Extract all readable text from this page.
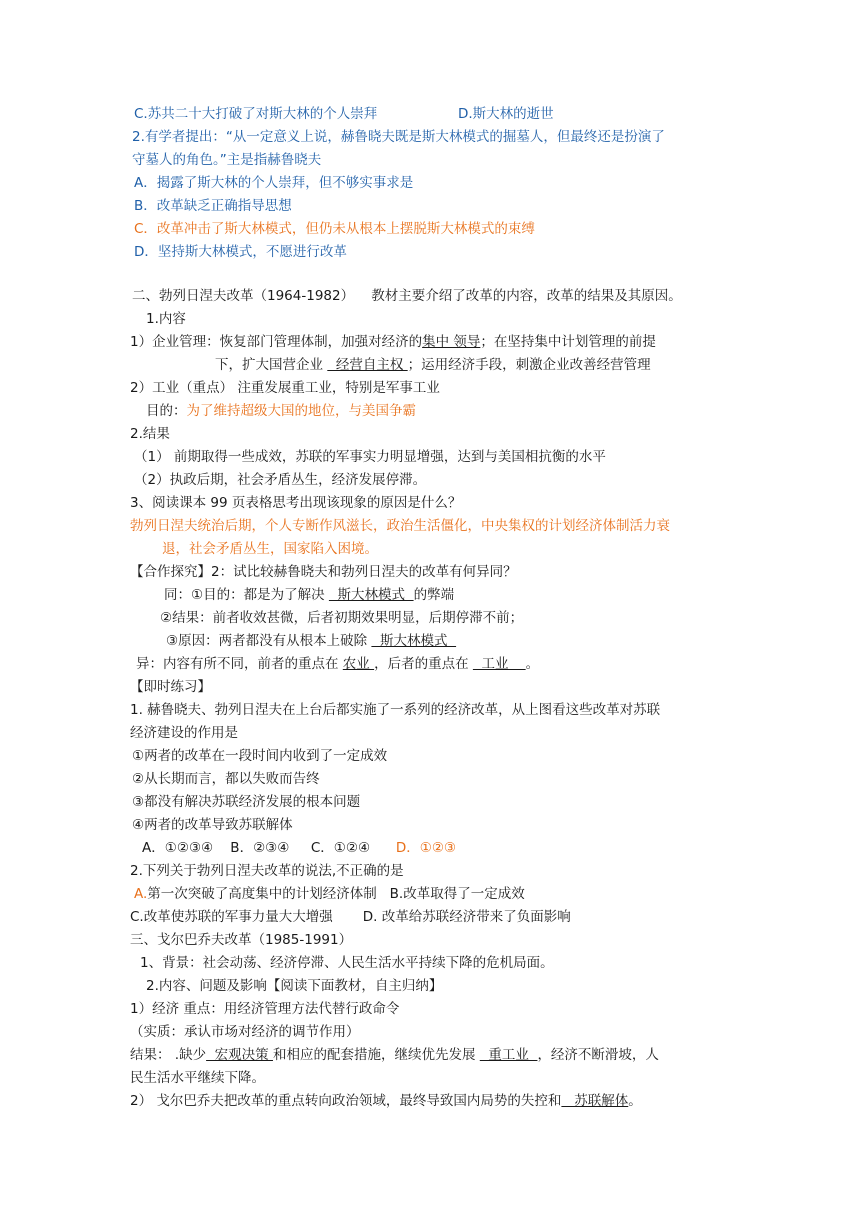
C.苏共二十大打破了对斯大林的个人崇拜	D.斯大林的逝世
2.有学者提出：“从一定意义上说，赫鲁晓夫既是斯大林模式的掘墓人，但最终还是扮演了
守墓人的角色。”主是指赫鲁晓夫
A．揭露了斯大林的个人崇拜，但不够实事求是
B．改革缺乏正确指导思想
C．改革冲击了斯大林模式，但仍未从根本上摆脱斯大林模式的束缚
D．坚持斯大林模式，不愿进行改革
二、勃列日涅夫改革（1964-1982）    教材主要介绍了改革的内容，改革的结果及其原因。
1.内容
1）企业管理：恢复部门管理体制，加强对经济的集中 领导；在坚持集中计划管理的前提
下，扩大国营企业   经营自主权 ；运用经济手段，刺激企业改善经营管理
2）工业（重点） 注重发展重工业，特别是军事工业
目的：为了维持超级大国的地位，与美国争霸
2.结果
（1） 前期取得一些成效，苏联的军事实力明显增强，达到与美国相抗衡的水平
（2）执政后期，社会矛盾丛生，经济发展停滞。
3、阅读课本 99 页表格思考出现该现象的原因是什么？
勃列日涅夫统治后期，个人专断作风滋长，政治生活僵化，中央集权的计划经济体制活力衰
退，社会矛盾丛生，国家陷入困境。
【合作探究】2：试比较赫鲁晓夫和勃列日涅夫的改革有何异同？
同：①目的：都是为了解决   斯大林模式  的弊端
②结果：前者收效甚微，后者初期效果明显，后期停滞不前；
③原因：两者都没有从根本上破除   斯大林模式
异：内容有所不同，前者的重点在 农业 ，后者的重点在   工业    。
【即时练习】
1. 赫鲁晓夫、勃列日涅夫在上台后都实施了一系列的经济改革，从上图看这些改革对苏联
经济建设的作用是
①两者的改革在一段时间内收到了一定成效
②从长期而言，都以失败而告终
③都没有解决苏联经济发展的根本问题
④两者的改革导致苏联解体
A．①②③④    B．②③④     C．①②④      D．①②③
2.下列关于勃列日涅夫改革的说法,不正确的是
A.第一次突破了高度集中的计划经济体制   B.改革取得了一定成效
C.改革使苏联的军事力量大大增强       D. 改革给苏联经济带来了负面影响
三、戈尔巴乔夫改革（1985-1991）
1、背景：社会动荡、经济停滞、人民生活水平持续下降的危机局面。
2.内容、问题及影响【阅读下面教材，自主归纳】
1）经济 重点：用经济管理方法代替行政命令
（实质：承认市场对经济的调节作用）
结果： .缺少  宏观决策 和相应的配套措施，继续优先发展   重工业  ，经济不断滑坡，人
民生活水平继续下降。
2） 戈尔巴乔夫把改革的重点转向政治领域，最终导致国内局势的失控和   苏联解体。
